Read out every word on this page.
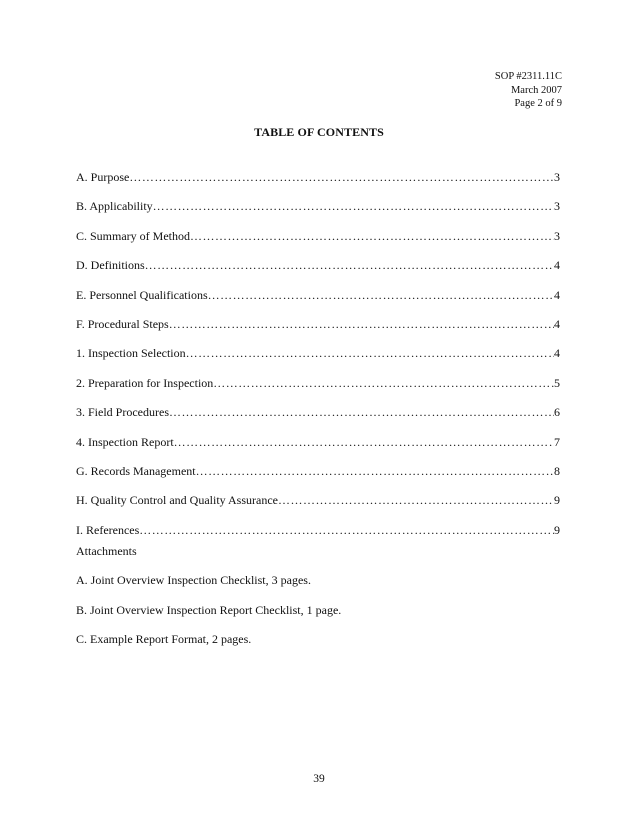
SOP #2311.11C
March 2007
Page 2 of 9
TABLE OF CONTENTS
A. Purpose ……………………………………………………………………………………………………………………………………………………………………………	3
B. Applicability ……………………………………………………………………………………………………………………………………………………………………………	3
C. Summary of Method ……………………………………………………………………………………………………………………………………………………………………………	3
D. Definitions ……………………………………………………………………………………………………………………………………………………………………………	4
E. Personnel Qualifications ……………………………………………………………………………………………………………………………………………………………………………	4
F. Procedural Steps ……………………………………………………………………………………………………………………………………………………………………………	4
1. Inspection Selection ……………………………………………………………………………………………………………………………………………………………………………	4
2. Preparation for Inspection ……………………………………………………………………………………………………………………………………………………………………………	5
3. Field Procedures ……………………………………………………………………………………………………………………………………………………………………………	6
4. Inspection Report ……………………………………………………………………………………………………………………………………………………………………………	7
G. Records Management ……………………………………………………………………………………………………………………………………………………………………………	8
H. Quality Control and Quality Assurance ……………………………………………………………………………………………………………………………………………………………………………	9
I. References ……………………………………………………………………………………………………………………………………………………………………………	9
Attachments
A. Joint Overview Inspection Checklist, 3 pages.
B. Joint Overview Inspection Report Checklist, 1 page.
C. Example Report Format, 2 pages.
39
